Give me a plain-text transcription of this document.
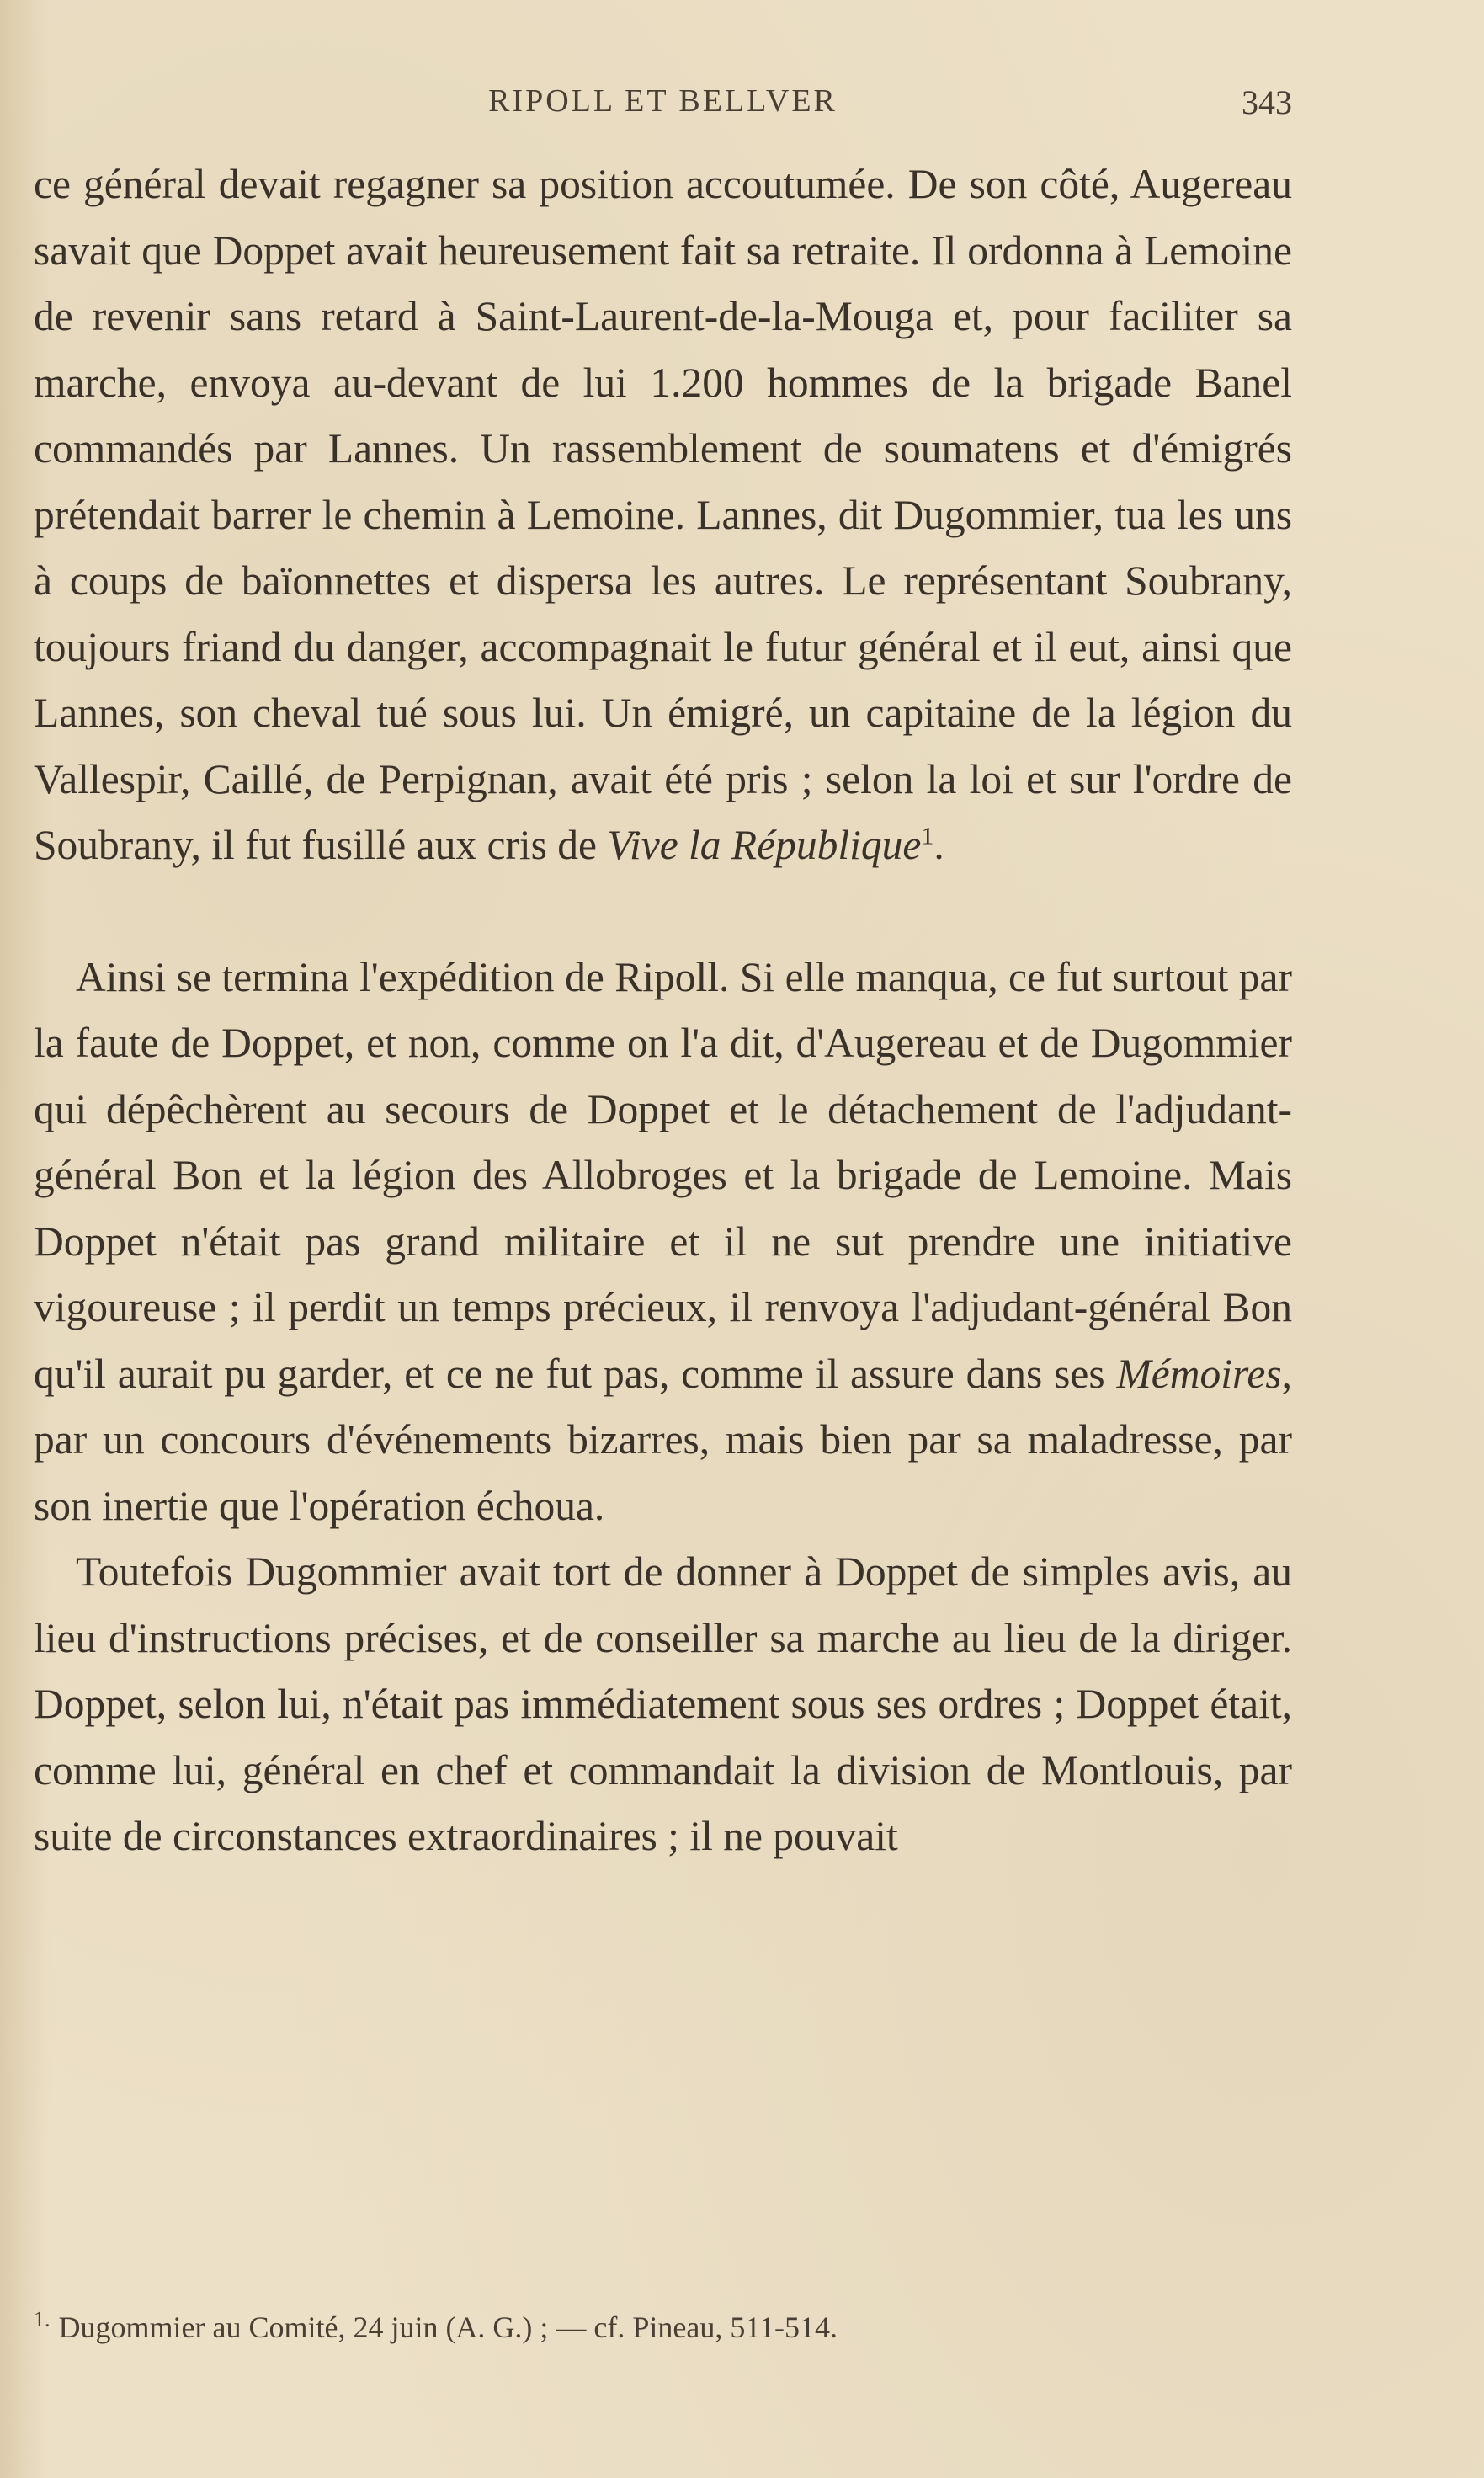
RIPOLL ET BELLVER	343

ce général devait regagner sa position accoutumée. De son côté, Augereau savait que Doppet avait heureusement fait sa retraite. Il ordonna à Lemoine de revenir sans retard à Saint-Laurent-de-la-Mouga et, pour faciliter sa marche, envoya au-devant de lui 1.200 hommes de la brigade Banel commandés par Lannes. Un rassemblement de soumatens et d'émigrés prétendait barrer le chemin à Lemoine. Lannes, dit Dugommier, tua les uns à coups de baïonnettes et dispersa les autres. Le représentant Soubrany, toujours friand du danger, accompagnait le futur général et il eut, ainsi que Lannes, son cheval tué sous lui. Un émigré, un capitaine de la légion du Vallespir, Caillé, de Perpignan, avait été pris ; selon la loi et sur l'ordre de Soubrany, il fut fusillé aux cris de Vive la République$^1$.

Ainsi se termina l'expédition de Ripoll. Si elle manqua, ce fut surtout par la faute de Doppet, et non, comme on l'a dit, d'Augereau et de Dugommier qui dépêchèrent au secours de Doppet et le détachement de l'adjudant-général Bon et la légion des Allobroges et la brigade de Lemoine. Mais Doppet n'était pas grand militaire et il ne sut prendre une initiative vigoureuse ; il perdit un temps précieux, il renvoya l'adjudant-général Bon qu'il aurait pu garder, et ce ne fut pas, comme il assure dans ses Mémoires, par un concours d'événements bizarres, mais bien par sa maladresse, par son inertie que l'opération échoua.

Toutefois Dugommier avait tort de donner à Doppet de simples avis, au lieu d'instructions précises, et de conseiller sa marche au lieu de la diriger. Doppet, selon lui, n'était pas immédiatement sous ses ordres ; Doppet était, comme lui, général en chef et commandait la division de Montlouis, par suite de circonstances extraordinaires ; il ne pouvait

$^{1.}$ Dugommier au Comité, 24 juin (A. G.) ; — cf. Pineau, 511-514.
